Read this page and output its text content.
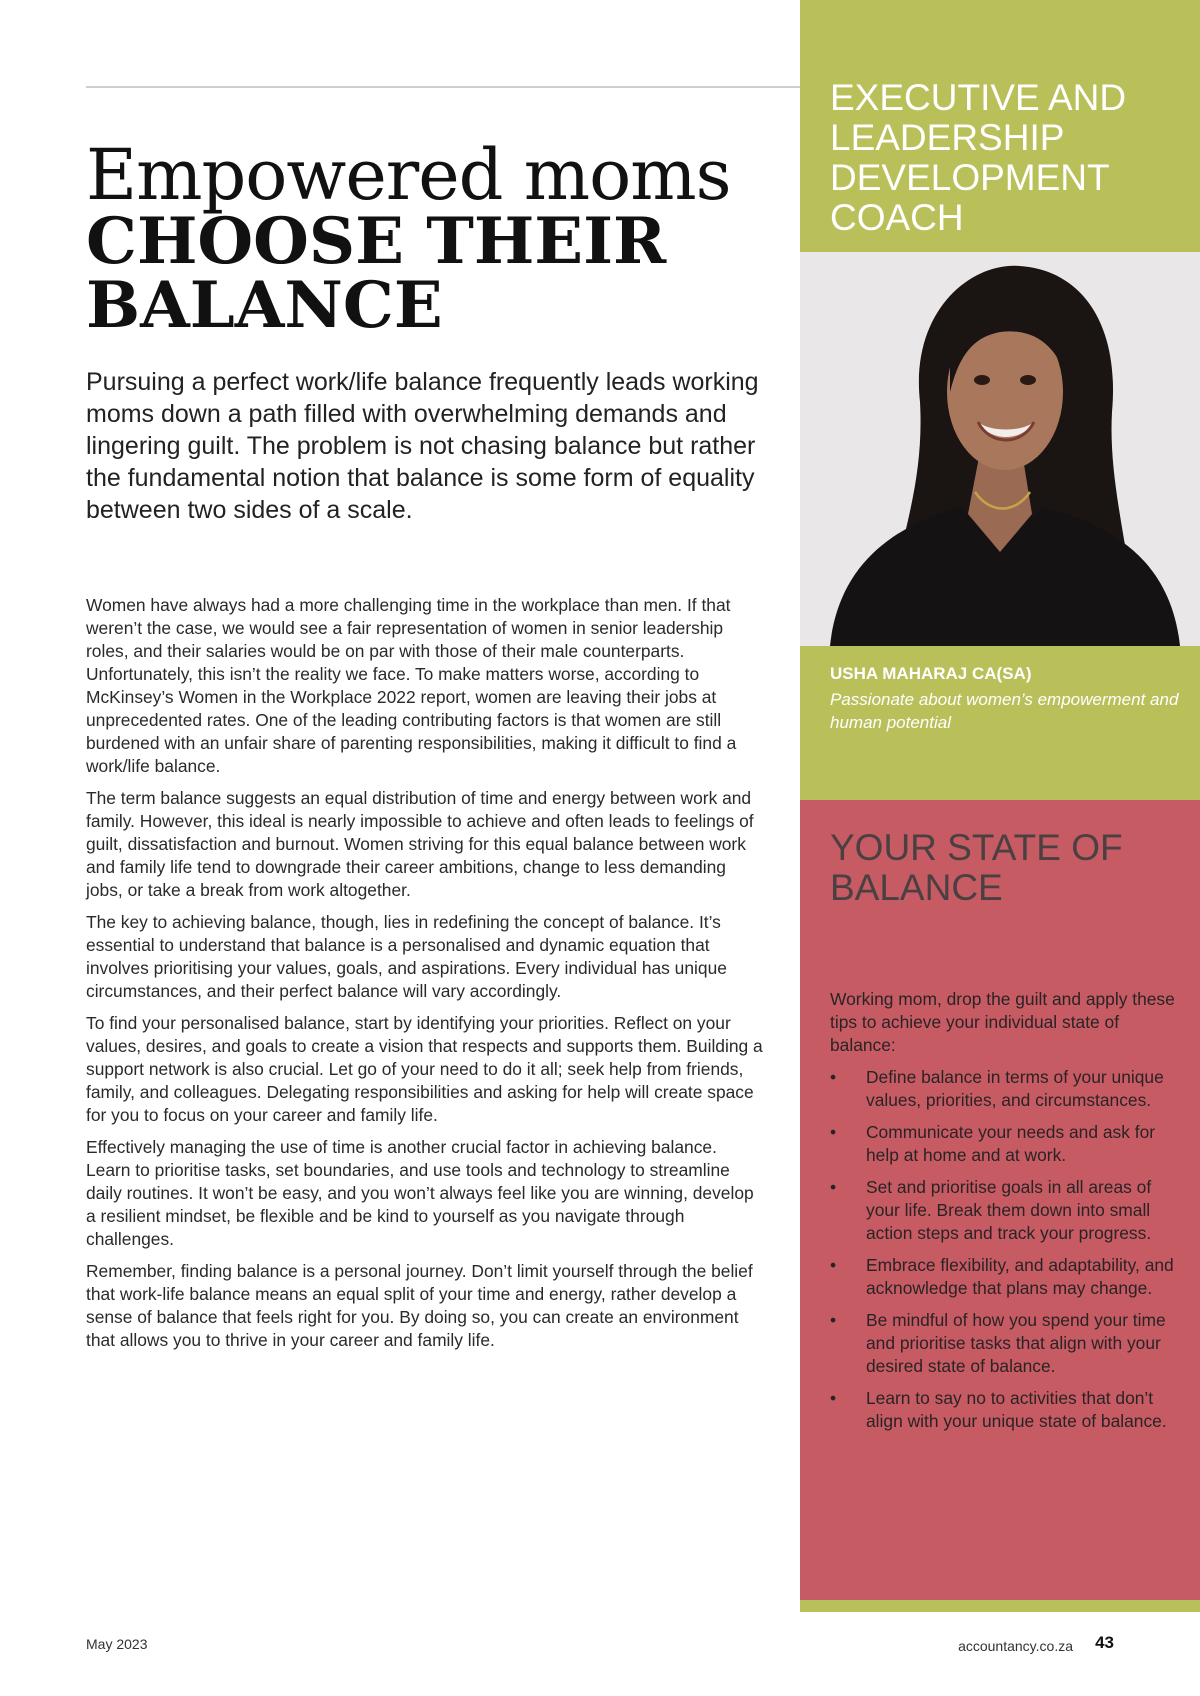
Empowered moms
CHOOSE THEIR
BALANCE

Pursuing a perfect work/life balance frequently leads working moms down a path filled with overwhelming demands and lingering guilt. The problem is not chasing balance but rather the fundamental notion that balance is some form of equality between two sides of a scale.

Women have always had a more challenging time in the workplace than men. If that weren’t the case, we would see a fair representation of women in senior leadership roles, and their salaries would be on par with those of their male counterparts. Unfortunately, this isn’t the reality we face. To make matters worse, according to McKinsey’s Women in the Workplace 2022 report, women are leaving their jobs at unprecedented rates. One of the leading contributing factors is that women are still burdened with an unfair share of parenting responsibilities, making it difficult to find a work/life balance.

The term balance suggests an equal distribution of time and energy between work and family. However, this ideal is nearly impossible to achieve and often leads to feelings of guilt, dissatisfaction and burnout. Women striving for this equal balance between work and family life tend to downgrade their career ambitions, change to less demanding jobs, or take a break from work altogether.

The key to achieving balance, though, lies in redefining the concept of balance. It’s essential to understand that balance is a personalised and dynamic equation that involves prioritising your values, goals, and aspirations. Every individual has unique circumstances, and their perfect balance will vary accordingly.

To find your personalised balance, start by identifying your priorities. Reflect on your values, desires, and goals to create a vision that respects and supports them. Building a support network is also crucial. Let go of your need to do it all; seek help from friends, family, and colleagues. Delegating responsibilities and asking for help will create space for you to focus on your career and family life.

Effectively managing the use of time is another crucial factor in achieving balance. Learn to prioritise tasks, set boundaries, and use tools and technology to streamline daily routines. It won’t be easy, and you won’t always feel like you are winning, develop a resilient mindset, be flexible and be kind to yourself as you navigate through challenges.

Remember, finding balance is a personal journey. Don’t limit yourself through the belief that work-life balance means an equal split of your time and energy, rather develop a sense of balance that feels right for you. By doing so, you can create an environment that allows you to thrive in your career and family life.

EXECUTIVE AND LEADERSHIP DEVELOPMENT COACH
USHA MAHARAJ CA(SA)
Passionate about women’s empowerment and human potential
YOUR STATE OF BALANCE

Working mom, drop the guilt and apply these tips to achieve your individual state of balance:

• Define balance in terms of your unique values, priorities, and circumstances.
• Communicate your needs and ask for help at home and at work.
• Set and prioritise goals in all areas of your life. Break them down into small action steps and track your progress.
• Embrace flexibility, and adaptability, and acknowledge that plans may change.
• Be mindful of how you spend your time and prioritise tasks that align with your desired state of balance.
• Learn to say no to activities that don’t align with your unique state of balance.
May 2023	accountancy.co.za 43
